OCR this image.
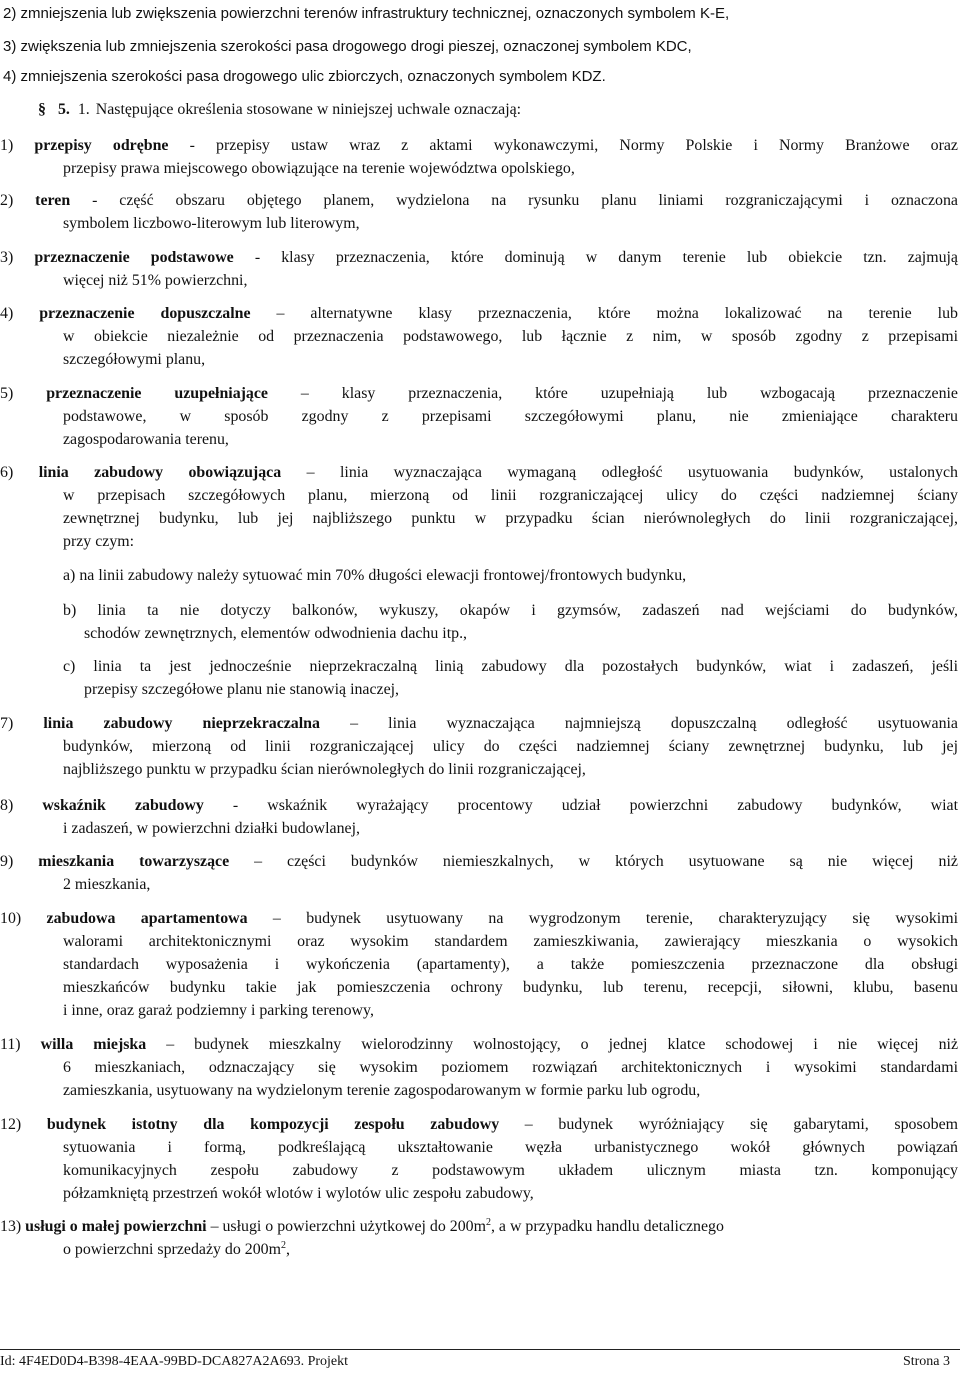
2) zmniejszenia lub zwiększenia powierzchni terenów infrastruktury technicznej, oznaczonych symbolem K-E,
3) zwiększenia lub zmniejszenia szerokości pasa drogowego drogi pieszej, oznaczonej symbolem KDC,
4) zmniejszenia szerokości pasa drogowego ulic zbiorczych, oznaczonych symbolem KDZ.
§ 5. 1. Następujące określenia stosowane w niniejszej uchwale oznaczają:
1) przepisy odrębne - przepisy ustaw wraz z aktami wykonawczymi, Normy Polskie i Normy Branżowe oraz
przepisy prawa miejscowego obowiązujące na terenie województwa opolskiego,
2) teren - część obszaru objętego planem, wydzielona na rysunku planu liniami rozgraniczającymi i oznaczona
symbolem liczbowo-literowym lub literowym,
3) przeznaczenie podstawowe - klasy przeznaczenia, które dominują w danym terenie lub obiekcie tzn. zajmują
więcej niż 51% powierzchni,
4) przeznaczenie dopuszczalne – alternatywne klasy przeznaczenia, które można lokalizować na terenie lub
w obiekcie niezależnie od przeznaczenia podstawowego, lub łącznie z nim, w sposób zgodny z przepisami
szczegółowymi planu,
5) przeznaczenie uzupełniające – klasy przeznaczenia, które uzupełniają lub wzbogacają przeznaczenie
podstawowe, w sposób zgodny z przepisami szczegółowymi planu, nie zmieniające charakteru
zagospodarowania terenu,
6) linia zabudowy obowiązująca – linia wyznaczająca wymaganą odległość usytuowania budynków, ustalonych
w przepisach szczegółowych planu, mierzoną od linii rozgraniczającej ulicy do części nadziemnej ściany
zewnętrznej budynku, lub jej najbliższego punktu w przypadku ścian nierównoległych do linii rozgraniczającej,
przy czym:
a) na linii zabudowy należy sytuować min 70% długości elewacji frontowej/frontowych budynku,
b) linia ta nie dotyczy balkonów, wykuszy, okapów i gzymsów, zadaszeń nad wejściami do budynków,
schodów zewnętrznych, elementów odwodnienia dachu itp.,
c) linia ta jest jednocześnie nieprzekraczalną linią zabudowy dla pozostałych budynków, wiat i zadaszeń, jeśli
przepisy szczegółowe planu nie stanowią inaczej,
7) linia zabudowy nieprzekraczalna – linia wyznaczająca najmniejszą dopuszczalną odległość usytuowania
budynków, mierzoną od linii rozgraniczającej ulicy do części nadziemnej ściany zewnętrznej budynku, lub jej
najbliższego punktu w przypadku ścian nierównoległych do linii rozgraniczającej,
8) wskaźnik zabudowy - wskaźnik wyrażający procentowy udział powierzchni zabudowy budynków, wiat
i zadaszeń, w powierzchni działki budowlanej,
9) mieszkania towarzyszące – części budynków niemieszkalnych, w których usytuowane są nie więcej niż
2 mieszkania,
10) zabudowa apartamentowa – budynek usytuowany na wygrodzonym terenie, charakteryzujący się wysokimi
walorami architektonicznymi oraz wysokim standardem zamieszkiwania, zawierający mieszkania o wysokich
standardach wyposażenia i wykończenia (apartamenty), a także pomieszczenia przeznaczone dla obsługi
mieszkańców budynku takie jak pomieszczenia ochrony budynku, lub terenu, recepcji, siłowni, klubu, basenu
i inne, oraz garaż podziemny i parking terenowy,
11) willa miejska – budynek mieszkalny wielorodzinny wolnostojący, o jednej klatce schodowej i nie więcej niż
6 mieszkaniach, odznaczający się wysokim poziomem rozwiązań architektonicznych i wysokimi standardami
zamieszkania, usytuowany na wydzielonym terenie zagospodarowanym w formie parku lub ogrodu,
12) budynek istotny dla kompozycji zespołu zabudowy – budynek wyróżniający się gabarytami, sposobem
sytuowania i formą, podkreślającą ukształtowanie węzła urbanistycznego wokół głównych powiązań
komunikacyjnych zespołu zabudowy z podstawowym układem ulicznym miasta tzn. komponujący
półzamkniętą przestrzeń wokół wlotów i wylotów ulic zespołu zabudowy,
13) usługi o małej powierzchni – usługi o powierzchni użytkowej do $200m^2$, a w przypadku handlu detalicznego
o powierzchni sprzedaży do $200m^2$,
Id: 4F4ED0D4-B398-4EAA-99BD-DCA827A2A693. Projekt	Strona 3
